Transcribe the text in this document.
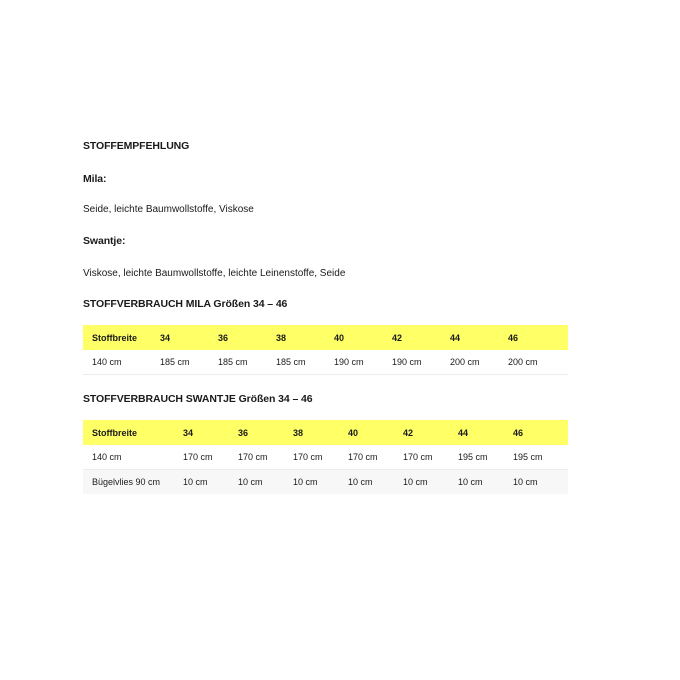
STOFFEMPFEHLUNG

Mila:

Seide, leichte Baumwollstoffe, Viskose

Swantje:

Viskose, leichte Baumwollstoffe, leichte Leinenstoffe, Seide

STOFFVERBRAUCH MILA Größen 34 – 46

Stoffbreite	34	36	38	40	42	44	46
140 cm	185 cm	185 cm	185 cm	190 cm	190 cm	200 cm	200 cm

STOFFVERBRAUCH SWANTJE Größen 34 – 46

Stoffbreite	34	36	38	40	42	44	46
140 cm	170 cm	170 cm	170 cm	170 cm	170 cm	195 cm	195 cm
Bügelvlies 90 cm	10 cm	10 cm	10 cm	10 cm	10 cm	10 cm	10 cm
